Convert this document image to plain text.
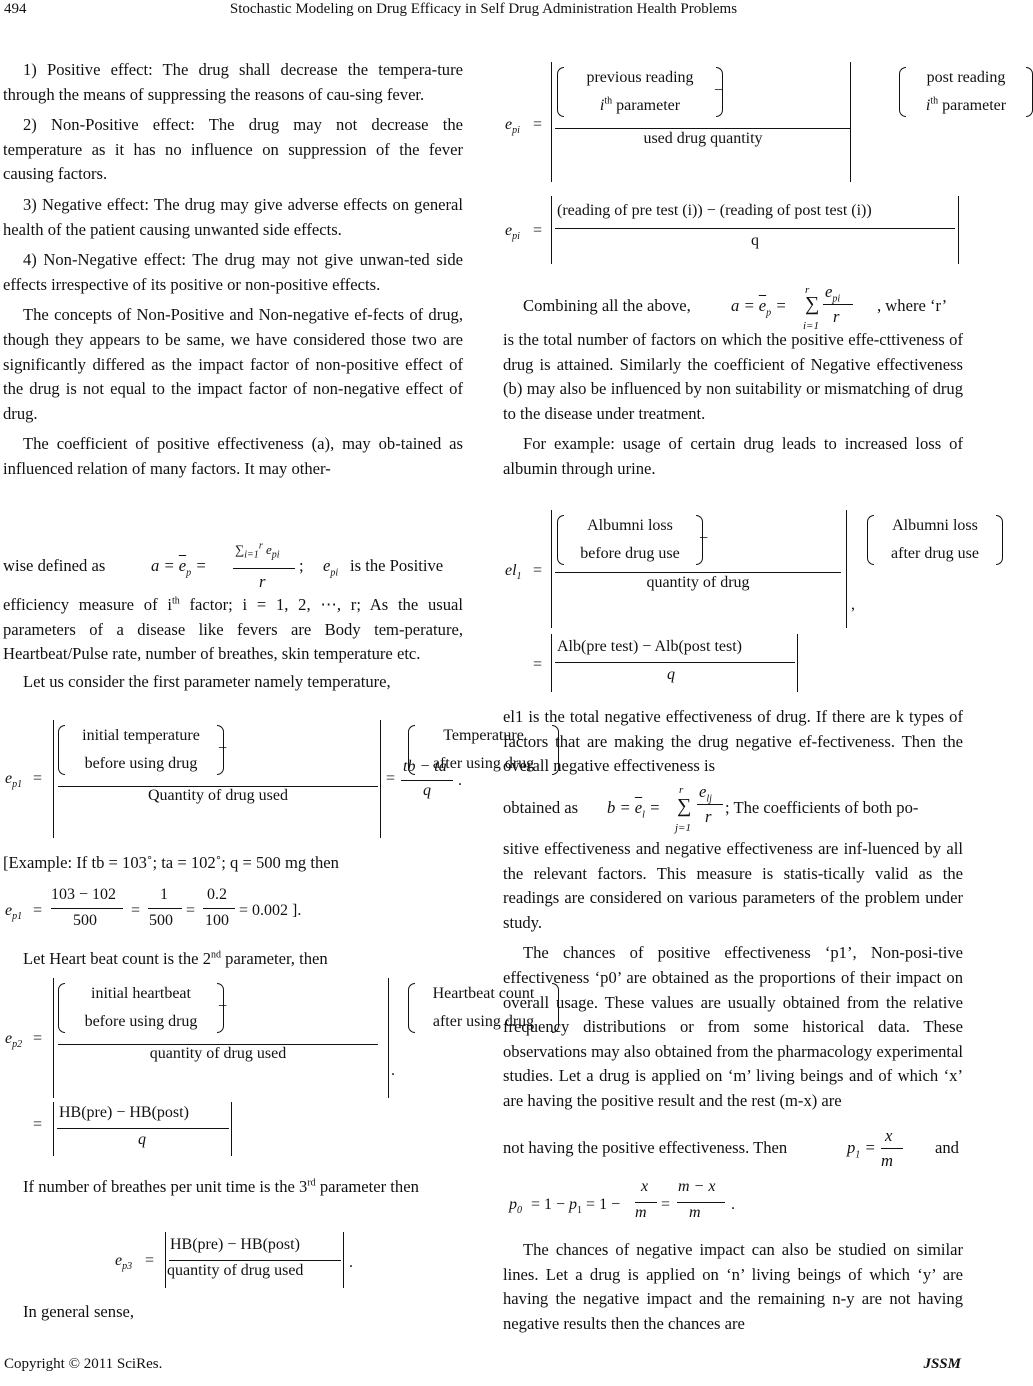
494	Stochastic Modeling on Drug Efficacy in Self Drug Administration Health Problems

1) Positive effect: The drug shall decrease the tempera-ture through the means of suppressing the reasons of cau-sing fever.

2) Non-Positive effect: The drug may not decrease the temperature as it has no influence on suppression of the fever causing factors.

3) Negative effect: The drug may give adverse effects on general health of the patient causing unwanted side effects.

4) Non-Negative effect: The drug may not give unwan-ted side effects irrespective of its positive or non-positive effects.

The concepts of Non-Positive and Non-negative ef-fects of drug, though they appears to be same, we have considered those two are significantly differed as the impact factor of non-positive effect of the drug is not equal to the impact factor of non-negative effect of drug.

The coefficient of positive effectiveness (a), may ob-tained as influenced relation of many factors. It may other-

wise defined as	$a = \overline{e}_p$ =
$\sum_{i=1}^r$ $e_{pi}$
r
; $e_{pi}$ is the Positive

efficiency measure of $i^{th}$ factor; i = 1, 2, ⋯, r; As the usual parameters of a disease like fevers are Body tem-perature, Heartbeat/Pulse rate, number of breathes, skin temperature etc.

Let us consider the first parameter namely temperature,

$e_{p1}$ =
initial temperature
before using drug
−
Temperature
after using drug
Quantity of drug used
=
tb − ta
q
.
[Example: If tb = 103˚; ta = 102˚; q = 500 mg then
$e_{p1}$ =
103 − 102
500
=
1
500
=
0.2
100
= 0.002 ].

Let Heart beat count is the 2nd parameter, then

$e_{p2}$ =
initial heartbeat
before using drug
−
Heartbeat count
after using drug
quantity of drug used
.
=
HB(pre) − HB(post)
q

If number of breathes per unit time is the 3rd parameter then

$e_{p3}$ =
HB(pre) − HB(post)
quantity of drug used	.

In general sense,

$e_{pi}$ =
previous reading
$i^{th}$ parameter
−
post reading
$i^{th}$ parameter
used drug quantity
$e_{pi}$ =
(reading of pre test (i)) − (reading of post test (i))
q
Combining all the above, $a = \overline{e}_p$ = ∑
r
i=1
$e_{pi}$
r
, where ‘r’

is the total number of factors on which the positive effe-cttiveness of drug is attained. Similarly the coefficient of Negative effectiveness (b) may also be influenced by non suitability or mismatching of drug to the disease under treatment.

For example: usage of certain drug leads to increased loss of albumin through urine.

$el_1$ =
Albumni loss
before drug use
−
Albumni loss
after drug use
quantity of drug
,
=
Alb(pre test) − Alb(post test)
q

el1 is the total negative effectiveness of drug. If there are k types of factors that are making the drug negative ef-fectiveness. Then the overall negative effectiveness is

obtained as $b = \overline{e}_l$ = ∑
r
j=1
$e_{lj}$
r ; The coefficients of both po-

sitive effectiveness and negative effectiveness are inf-luenced by all the relevant factors. This measure is statis-tically valid as the readings are considered on various parameters of the problem under study.

The chances of positive effectiveness ‘p1’, Non-posi-tive effectiveness ‘p0’ are obtained as the proportions of their impact on overall usage. These values are usually obtained from the relative frequency distributions or from some historical data. These observations may also obtained from the pharmacology experimental studies. Let a drug is applied on ‘m’ living beings and of which ‘x’ are having the positive result and the rest (m-x) are

not having the positive effectiveness. Then	$p_1$ =
x
m
and
$p_0 = 1 - p_1 = 1$ −
x
m =
m − x
m .

The chances of negative impact can also be studied on similar lines. Let a drug is applied on ‘n’ living beings of which ‘y’ are having the negative impact and the remaining n-y are not having negative results then the chances are

Copyright © 2011 SciRes.	JSSM
